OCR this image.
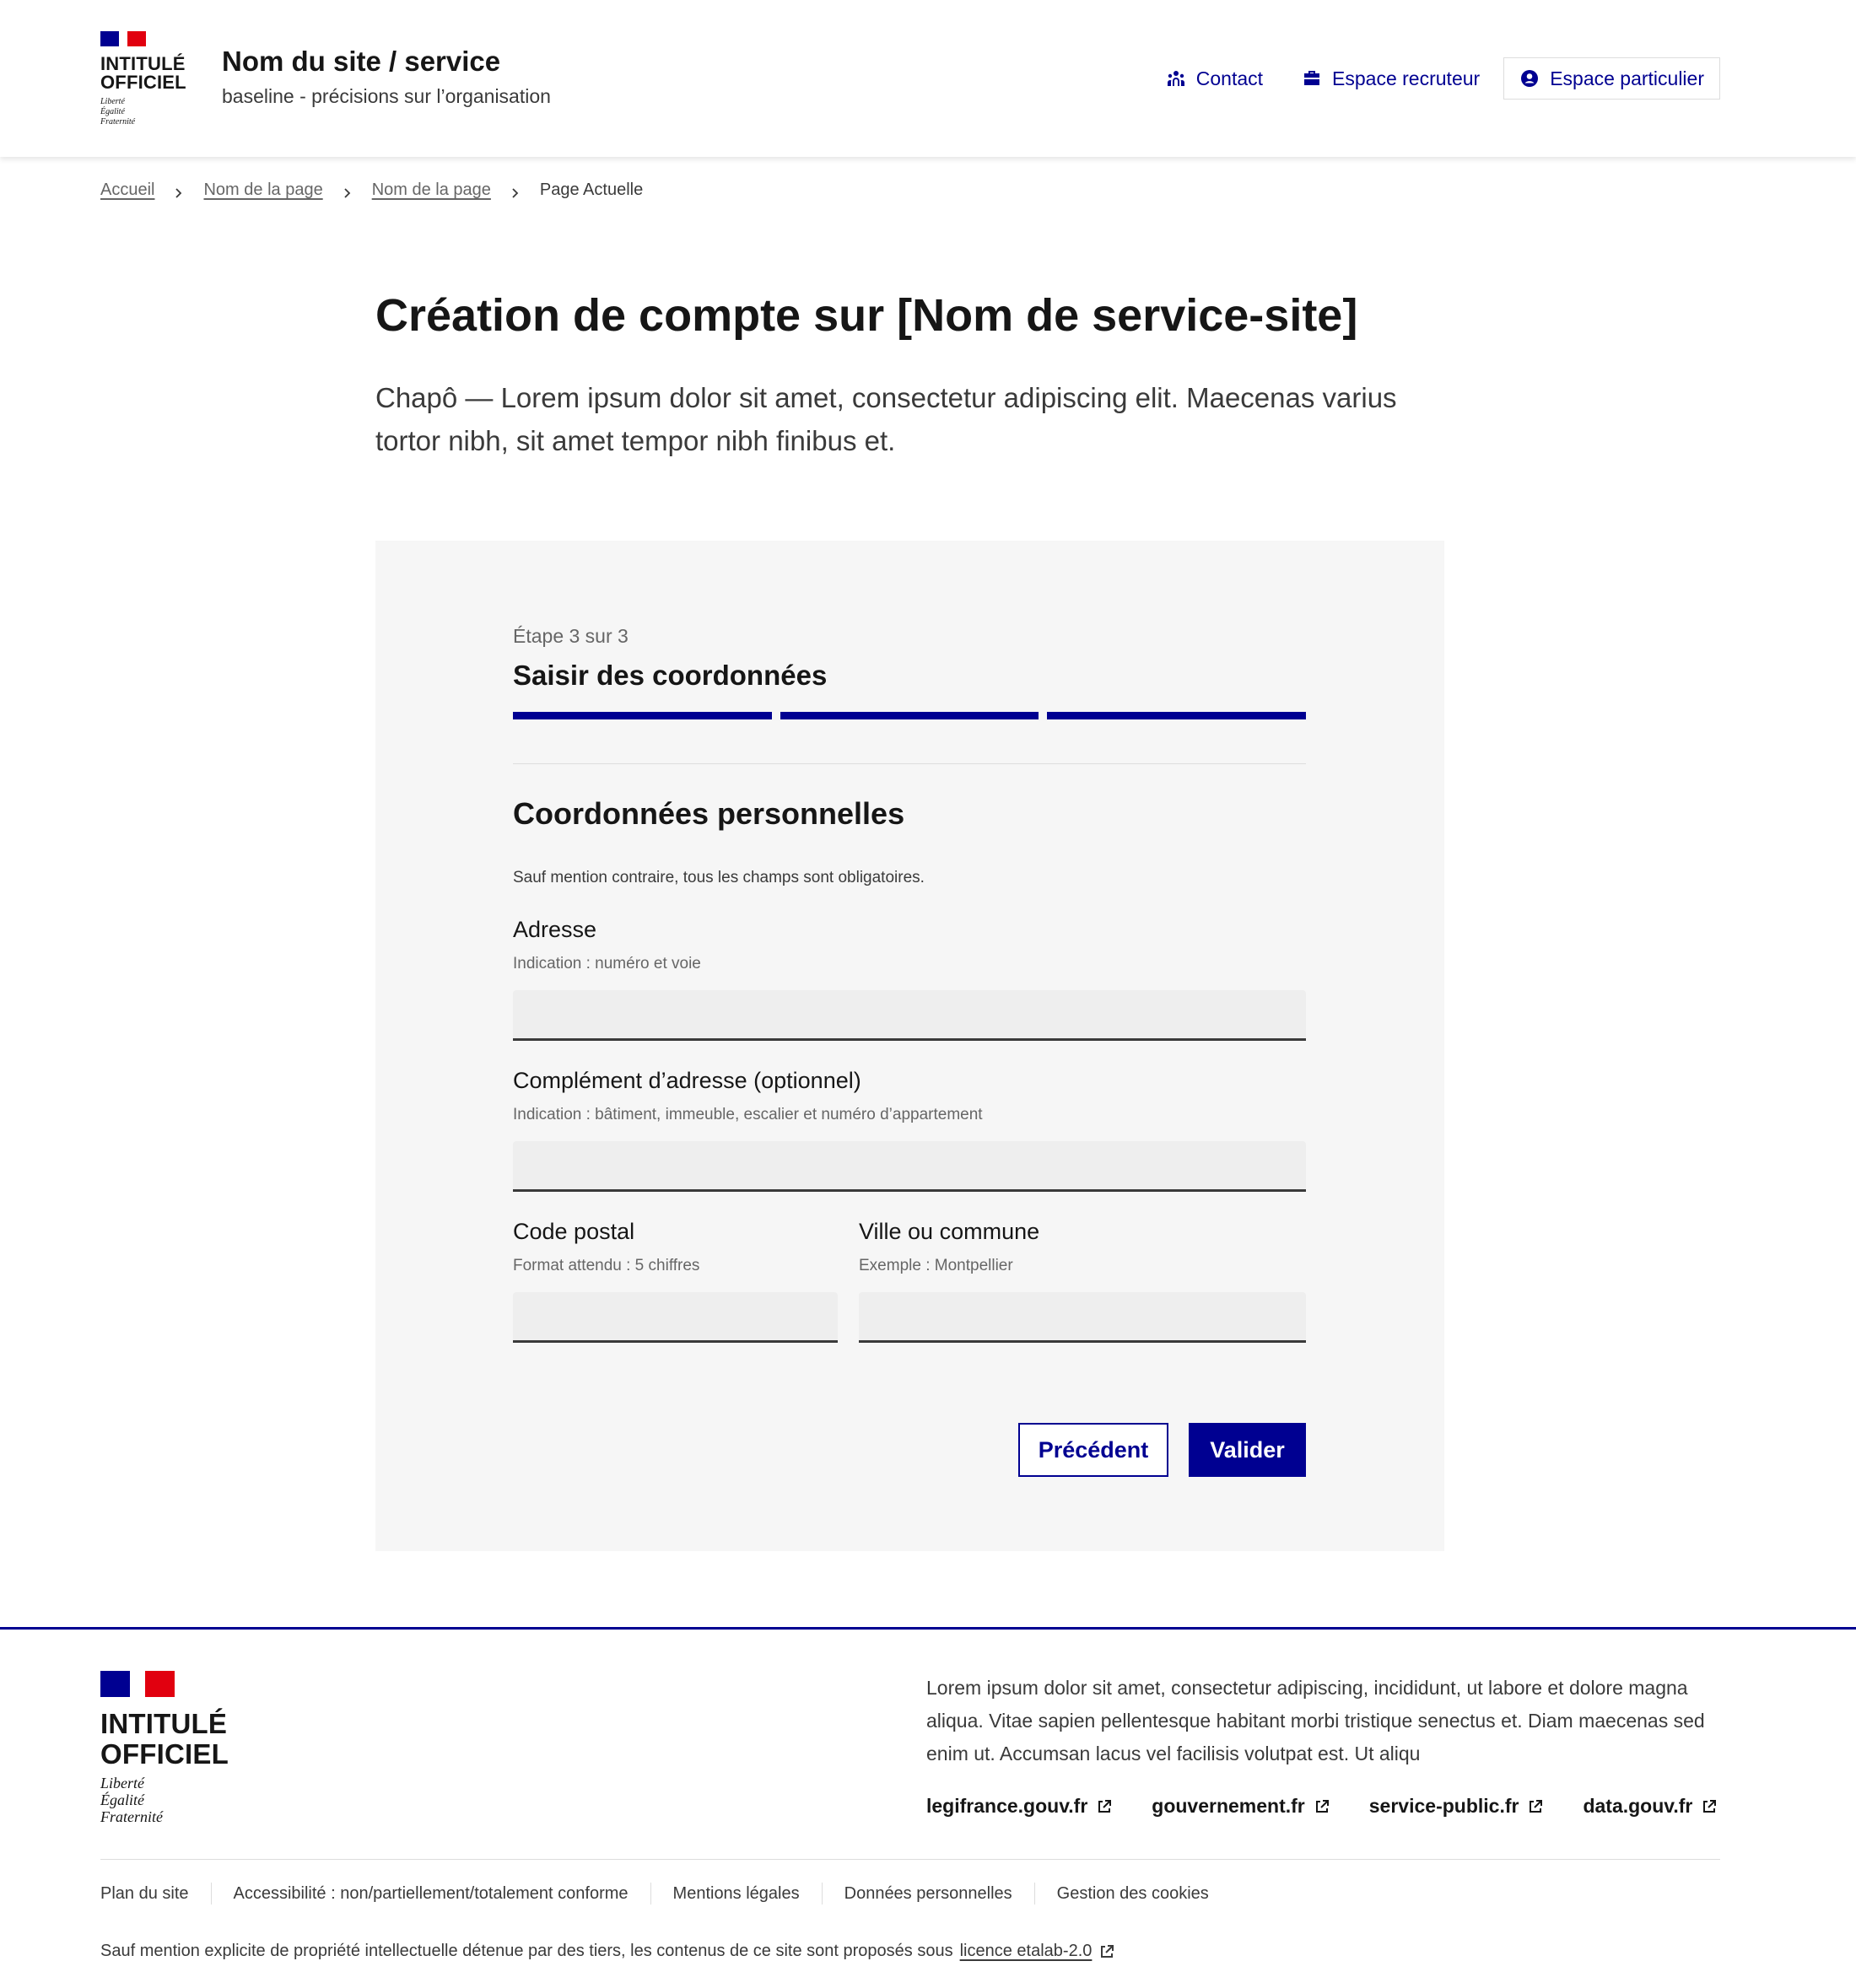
INTITULÉ
OFFICIEL
Liberté
Égalité
Fraternité
Nom du site / service
baseline - précisions sur l’organisation
Contact	Espace recruteur	Espace particulier
Accueil	Nom de la page	Nom de la page	Page Actuelle
Création de compte sur [Nom de service-site]

Chapô — Lorem ipsum dolor sit amet, consectetur adipiscing elit. Maecenas varius tortor nibh, sit amet tempor nibh finibus et.

Étape 3 sur 3
Saisir des coordonnées
Coordonnées personnelles
Sauf mention contraire, tous les champs sont obligatoires.
Adresse
Indication : numéro et voie
Complément d’adresse (optionnel)
Indication : bâtiment, immeuble, escalier et numéro d’appartement
Code postal
Format attendu : 5 chiffres
Ville ou commune
Exemple : Montpellier
Précédent	Valider
INTITULÉ
OFFICIEL
Liberté
Égalité
Fraternité

Lorem ipsum dolor sit amet, consectetur adipiscing, incididunt, ut labore et dolore magna aliqua. Vitae sapien pellentesque habitant morbi tristique senectus et. Diam maecenas sed enim ut. Accumsan lacus vel facilisis volutpat est. Ut aliqu

legifrance.gouv.fr	gouvernement.fr	service-public.fr	data.gouv.fr
Plan du site	Accessibilité : non/partiellement/totalement conforme	Mentions légales	Données personnelles	Gestion des cookies
Sauf mention explicite de propriété intellectuelle détenue par des tiers, les contenus de ce site sont proposés sous licence etalab-2.0
